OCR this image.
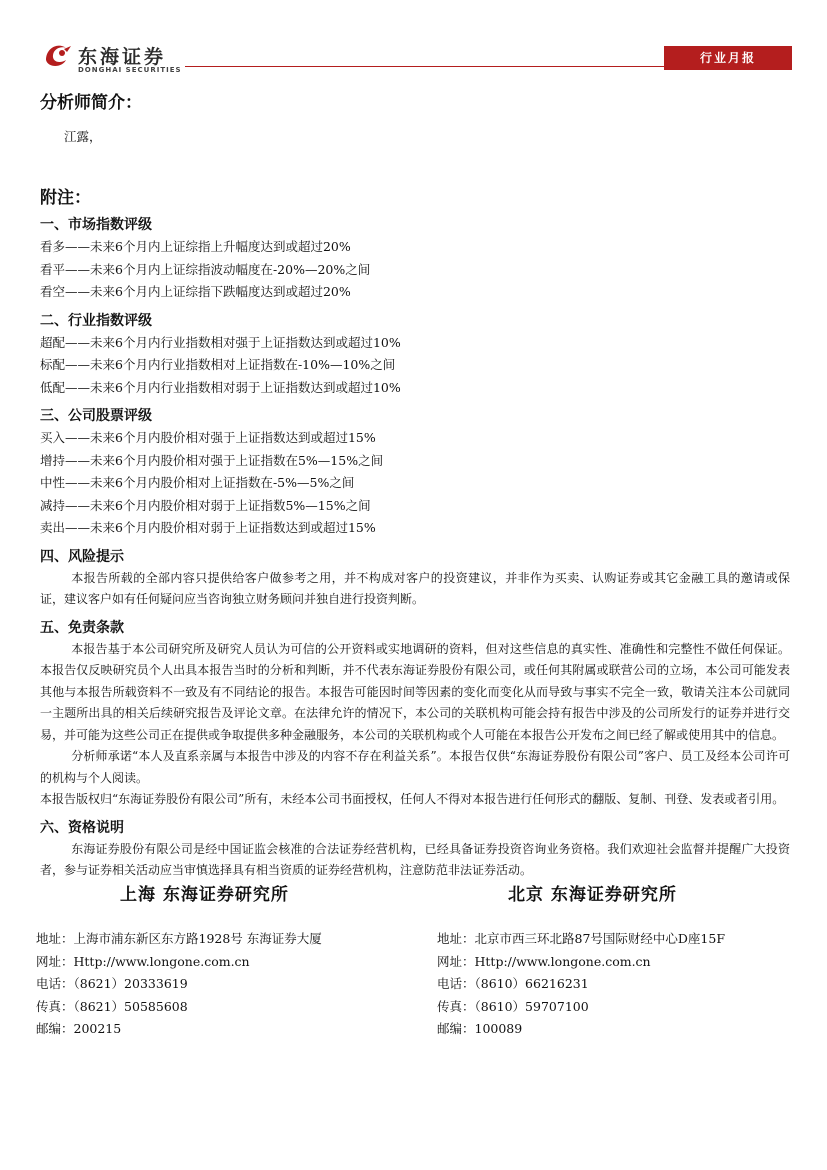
东海证券
DONGHAI SECURITIES
行业月报
分析师简介：
江露，
附注：
一、市场指数评级
看多——未来6个月内上证综指上升幅度达到或超过20%
看平——未来6个月内上证综指波动幅度在-20%—20%之间
看空——未来6个月内上证综指下跌幅度达到或超过20%
二、行业指数评级
超配——未来6个月内行业指数相对强于上证指数达到或超过10%
标配——未来6个月内行业指数相对上证指数在-10%—10%之间
低配——未来6个月内行业指数相对弱于上证指数达到或超过10%
三、公司股票评级
买入——未来6个月内股价相对强于上证指数达到或超过15%
增持——未来6个月内股价相对强于上证指数在5%—15%之间
中性——未来6个月内股价相对上证指数在-5%—5%之间
减持——未来6个月内股价相对弱于上证指数5%—15%之间
卖出——未来6个月内股价相对弱于上证指数达到或超过15%
四、风险提示
本报告所载的全部内容只提供给客户做参考之用，并不构成对客户的投资建议，并非作为买卖、认购证券或其它金融工具的邀请或保证，建议客户如有任何疑问应当咨询独立财务顾问并独自进行投资判断。
五、免责条款
本报告基于本公司研究所及研究人员认为可信的公开资料或实地调研的资料，但对这些信息的真实性、准确性和完整性不做任何保证。本报告仅反映研究员个人出具本报告当时的分析和判断，并不代表东海证券股份有限公司，或任何其附属或联营公司的立场，本公司可能发表其他与本报告所载资料不一致及有不同结论的报告。本报告可能因时间等因素的变化而变化从而导致与事实不完全一致，敬请关注本公司就同一主题所出具的相关后续研究报告及评论文章。在法律允许的情况下，本公司的关联机构可能会持有报告中涉及的公司所发行的证券并进行交易，并可能为这些公司正在提供或争取提供多种金融服务，本公司的关联机构或个人可能在本报告公开发布之间已经了解或使用其中的信息。
分析师承诺“本人及直系亲属与本报告中涉及的内容不存在利益关系”。本报告仅供“东海证券股份有限公司”客户、员工及经本公司许可的机构与个人阅读。
本报告版权归“东海证券股份有限公司”所有，未经本公司书面授权，任何人不得对本报告进行任何形式的翻版、复制、刊登、发表或者引用。
六、资格说明
东海证券股份有限公司是经中国证监会核准的合法证券经营机构，已经具备证券投资咨询业务资格。我们欢迎社会监督并提醒广大投资者，参与证券相关活动应当审慎选择具有相当资质的证券经营机构，注意防范非法证券活动。
上海 东海证券研究所	北京 东海证券研究所
地址：上海市浦东新区东方路1928号 东海证券大厦
网址：Http://www.longone.com.cn
电话：（8621）20333619
传真：（8621）50585608
邮编：200215
地址：北京市西三环北路87号国际财经中心D座15F
网址：Http://www.longone.com.cn
电话：（8610）66216231
传真：（8610）59707100
邮编：100089
